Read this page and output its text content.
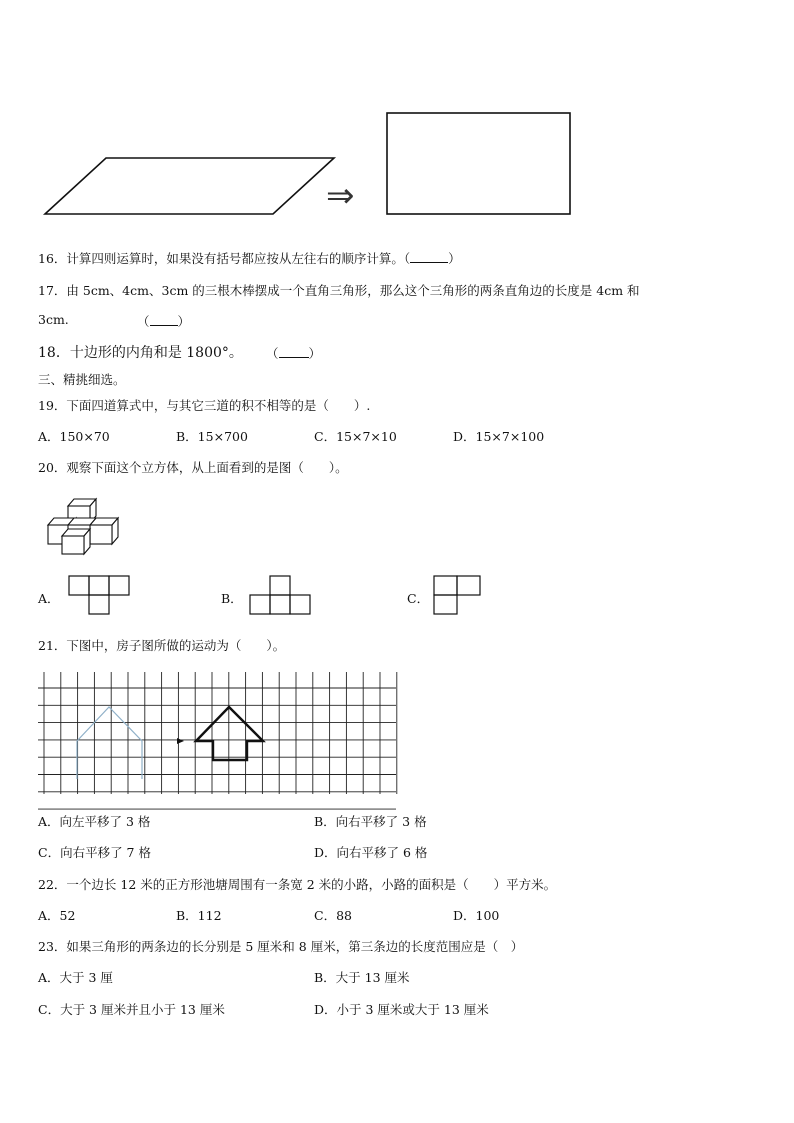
⇒
16．计算四则运算时，如果没有括号都应按从左往右的顺序计算。（	）
17．由 5cm、4cm、3cm 的三根木棒摆成一个直角三角形，那么这个三角形的两条直角边的长度是 4cm 和
3cm.	（ ）
18．十边形的内角和是 1800°。 （ ）
三、精挑细选。
19．下面四道算式中，与其它三道的积不相等的是（　　）.
A．150×70	B．15×700	C．15×7×10	D．15×7×100
20．观察下面这个立方体，从上面看到的是图（　　）。
A．	B．	C．
21．下图中，房子图所做的运动为（　　）。
A．向左平移了 3 格	B．向右平移了 3 格
C．向右平移了 7 格	D．向右平移了 6 格
22．一个边长 12 米的正方形池塘周围有一条宽 2 米的小路，小路的面积是（　　）平方米。
A．52	B．112	C．88	D．100
23．如果三角形的两条边的长分别是 5 厘米和 8 厘米，第三条边的长度范围应是（　）
A．大于 3 厘	B．大于 13 厘米
C．大于 3 厘米并且小于 13 厘米	D．小于 3 厘米或大于 13 厘米
